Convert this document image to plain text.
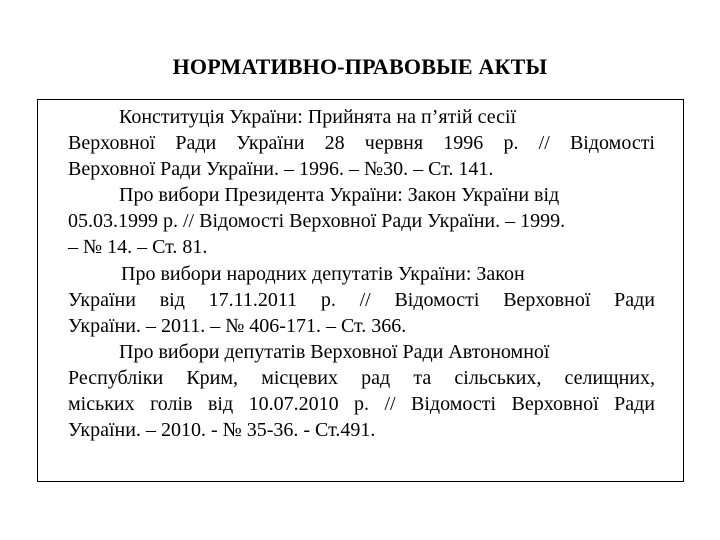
НОРМАТИВНО-ПРАВОВЫЕ АКТЫ
Конституція України: Прийнята на п’ятій сесії
Верховної Ради України 28 червня 1996 р. // Відомості
Верховної Ради України. – 1996. – №30. – Ст. 141.
Про вибори Президента України: Закон України від
05.03.1999 р. // Відомості Верховної Ради України. – 1999.
– № 14. – Ст. 81.
Про вибори народних депутатів України: Закон
України від 17.11.2011 р. // Відомості Верховної Ради
України. – 2011. – № 406-171. – Ст. 366.
Про вибори депутатів Верховної Ради Автономної
Республіки Крим, місцевих рад та сільських, селищних,
міських голів від 10.07.2010 р. // Відомості Верховної Ради
України. – 2010. - № 35-36. - Ст.491.
